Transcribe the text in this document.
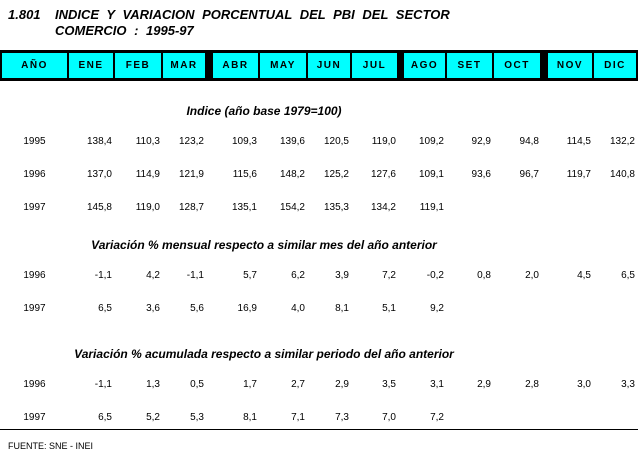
1.801	INDICE Y VARIACION PORCENTUAL DEL PBI DEL SECTOR
COMERCIO : 1995-97
AÑO	ENE	FEB	MAR	ABR	MAY	JUN	JUL	AGO	SET	OCT	NOV	DIC
Indice (año base 1979=100)
1995	138,4	110,3	123,2	109,3	139,6	120,5	119,0	109,2	92,9	94,8	114,5	132,2
1996	137,0	114,9	121,9	115,6	148,2	125,2	127,6	109,1	93,6	96,7	119,7	140,8
1997	145,8	119,0	128,7	135,1	154,2	135,3	134,2	119,1
Variación % mensual respecto a similar mes del año anterior
1996	-1,1	4,2	-1,1	5,7	6,2	3,9	7,2	-0,2	0,8	2,0	4,5	6,5
1997	6,5	3,6	5,6	16,9	4,0	8,1	5,1	9,2
Variación % acumulada respecto a similar periodo del año anterior
1996	-1,1	1,3	0,5	1,7	2,7	2,9	3,5	3,1	2,9	2,8	3,0	3,3
1997	6,5	5,2	5,3	8,1	7,1	7,3	7,0	7,2
FUENTE: SNE - INEI
